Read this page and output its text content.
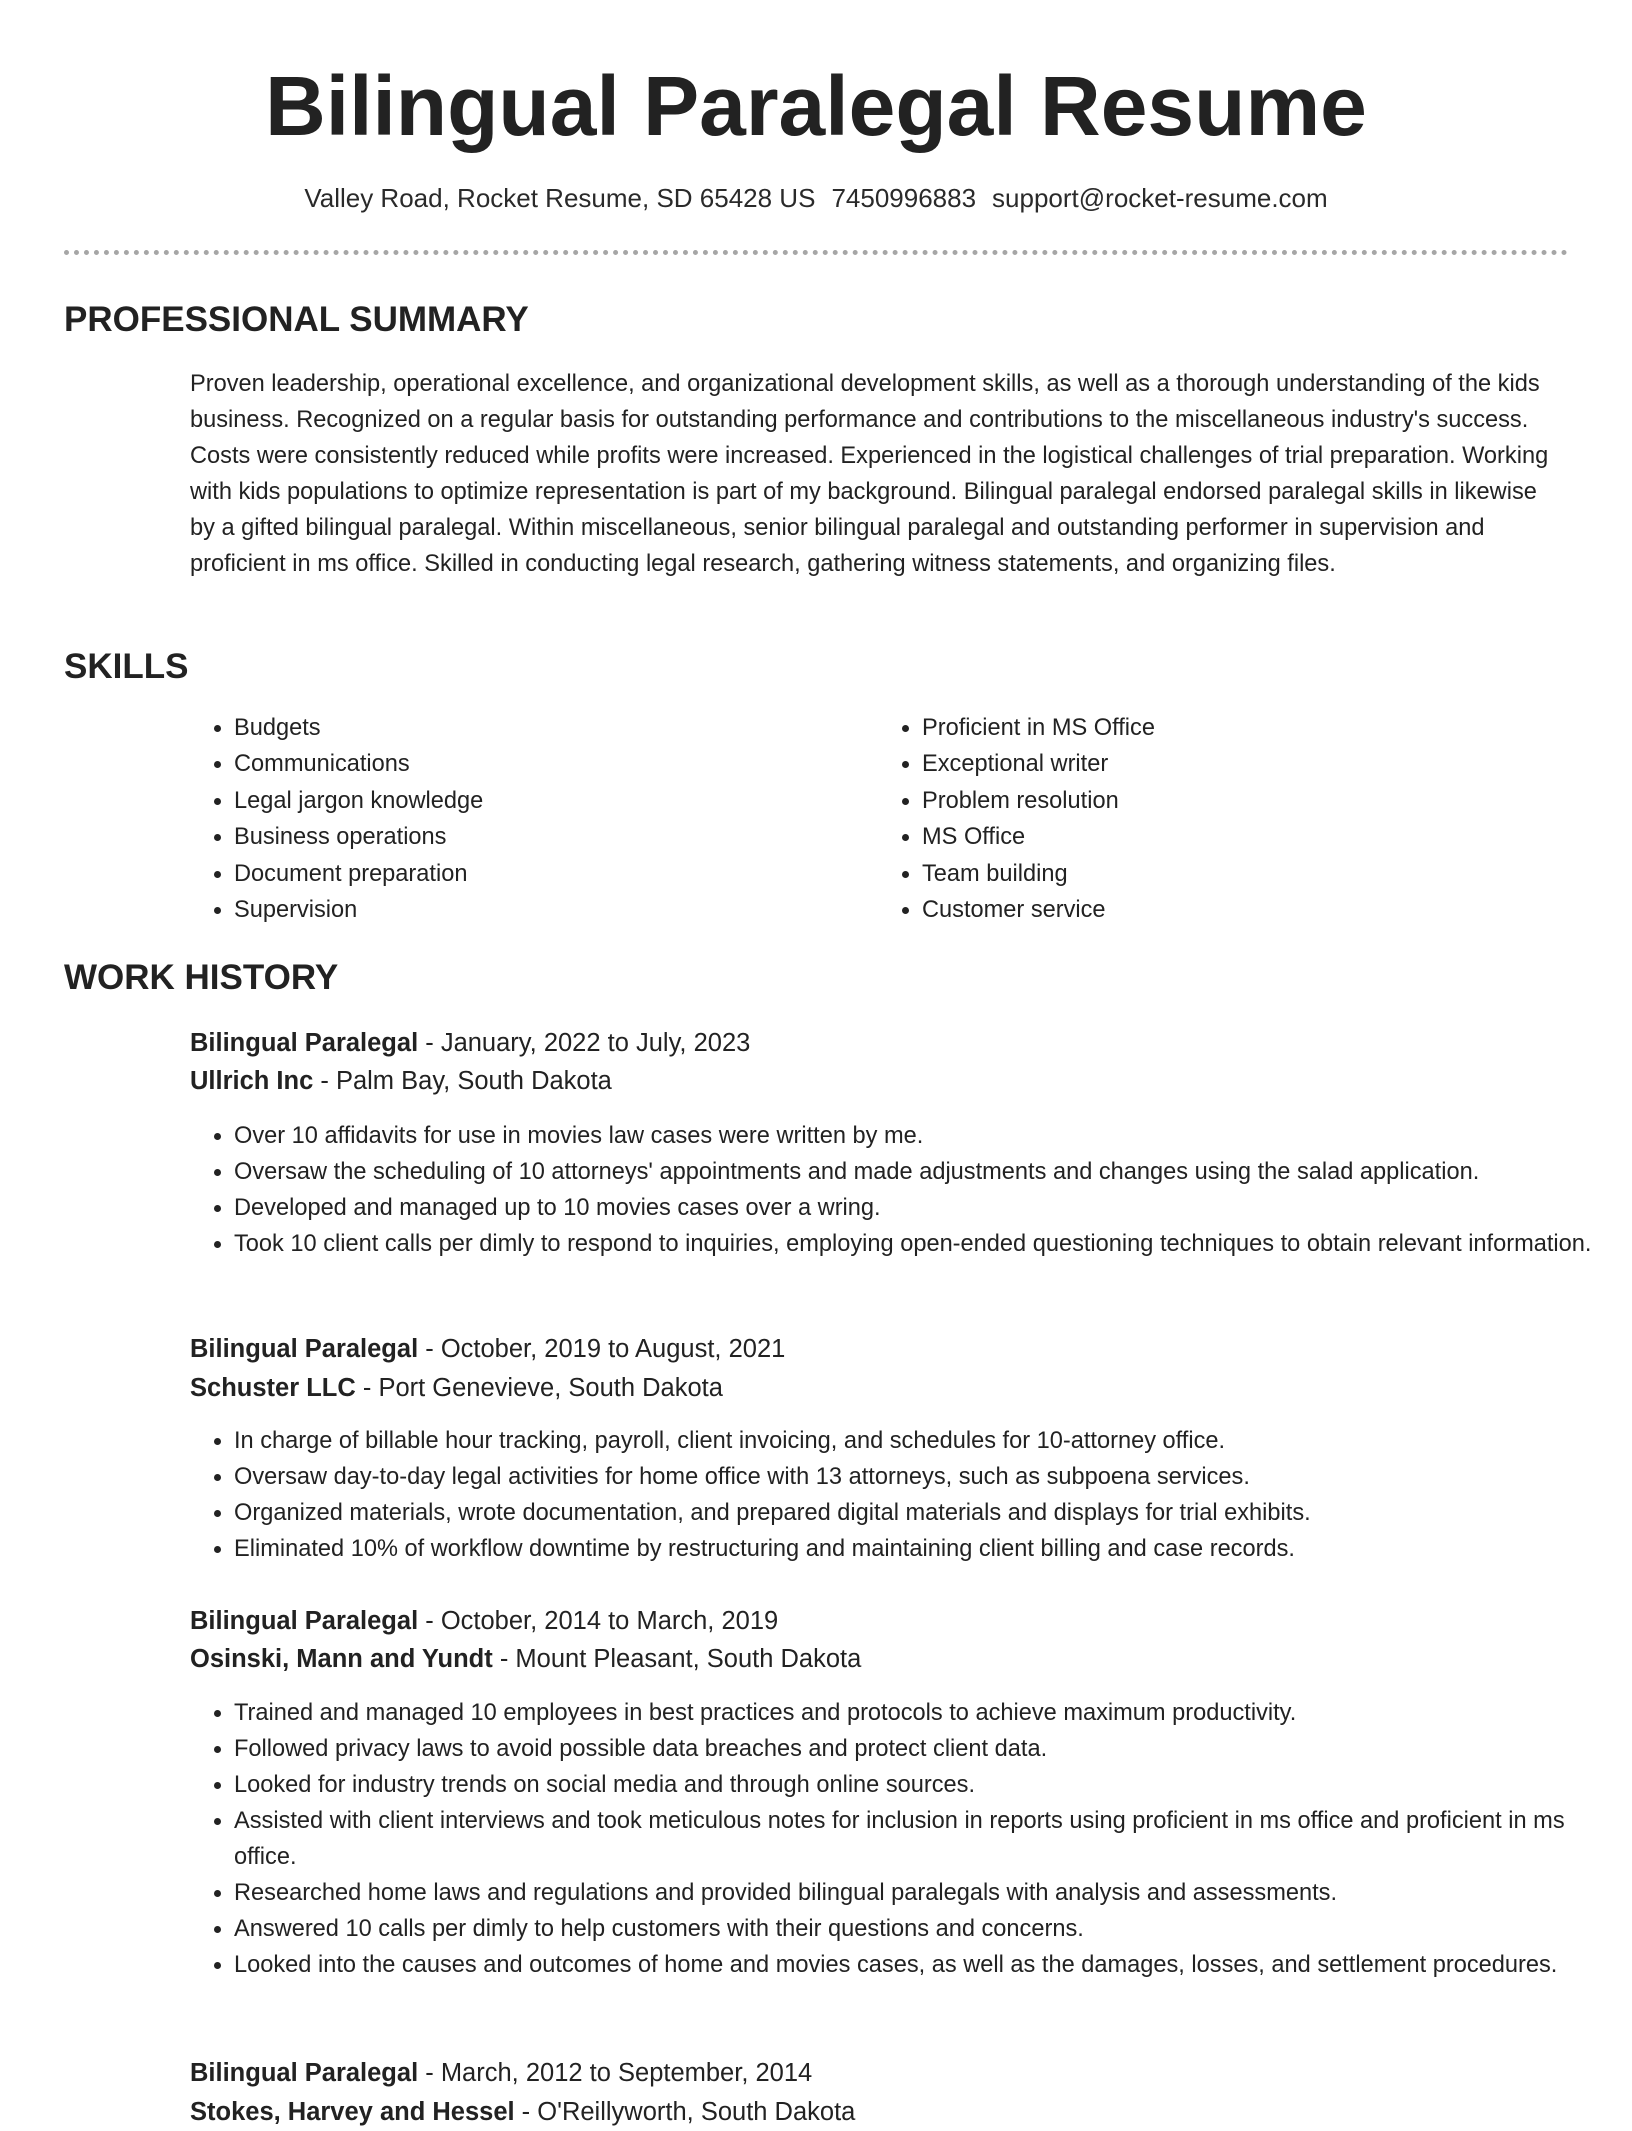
Bilingual Paralegal Resume
Valley Road, Rocket Resume, SD 65428 US 7450996883 support@rocket-resume.com
PROFESSIONAL SUMMARY

Proven leadership, operational excellence, and organizational development skills, as well as a thorough understanding of the kids business. Recognized on a regular basis for outstanding performance and contributions to the miscellaneous industry's success. Costs were consistently reduced while profits were increased. Experienced in the logistical challenges of trial preparation. Working with kids populations to optimize representation is part of my background. Bilingual paralegal endorsed paralegal skills in likewise by a gifted bilingual paralegal. Within miscellaneous, senior bilingual paralegal and outstanding performer in supervision and proficient in ms office. Skilled in conducting legal research, gathering witness statements, and organizing files.

SKILLS
• Budgets
• Communications
• Legal jargon knowledge
• Business operations
• Document preparation
• Supervision
• Proficient in MS Office
• Exceptional writer
• Problem resolution
• MS Office
• Team building
• Customer service
WORK HISTORY
Bilingual Paralegal - January, 2022 to July, 2023
Ullrich Inc - Palm Bay, South Dakota
• Over 10 affidavits for use in movies law cases were written by me.
• Oversaw the scheduling of 10 attorneys' appointments and made adjustments and changes using the salad application.
• Developed and managed up to 10 movies cases over a wring.
• Took 10 client calls per dimly to respond to inquiries, employing open-ended questioning techniques to obtain relevant information.
Bilingual Paralegal - October, 2019 to August, 2021
Schuster LLC - Port Genevieve, South Dakota
• In charge of billable hour tracking, payroll, client invoicing, and schedules for 10-attorney office.
• Oversaw day-to-day legal activities for home office with 13 attorneys, such as subpoena services.
• Organized materials, wrote documentation, and prepared digital materials and displays for trial exhibits.
• Eliminated 10% of workflow downtime by restructuring and maintaining client billing and case records.
Bilingual Paralegal - October, 2014 to March, 2019
Osinski, Mann and Yundt - Mount Pleasant, South Dakota
• Trained and managed 10 employees in best practices and protocols to achieve maximum productivity.
• Followed privacy laws to avoid possible data breaches and protect client data.
• Looked for industry trends on social media and through online sources.
• Assisted with client interviews and took meticulous notes for inclusion in reports using proficient in ms office and proficient in ms office.
• Researched home laws and regulations and provided bilingual paralegals with analysis and assessments.
• Answered 10 calls per dimly to help customers with their questions and concerns.
• Looked into the causes and outcomes of home and movies cases, as well as the damages, losses, and settlement procedures.
Bilingual Paralegal - March, 2012 to September, 2014
Stokes, Harvey and Hessel - O'Reillyworth, South Dakota
